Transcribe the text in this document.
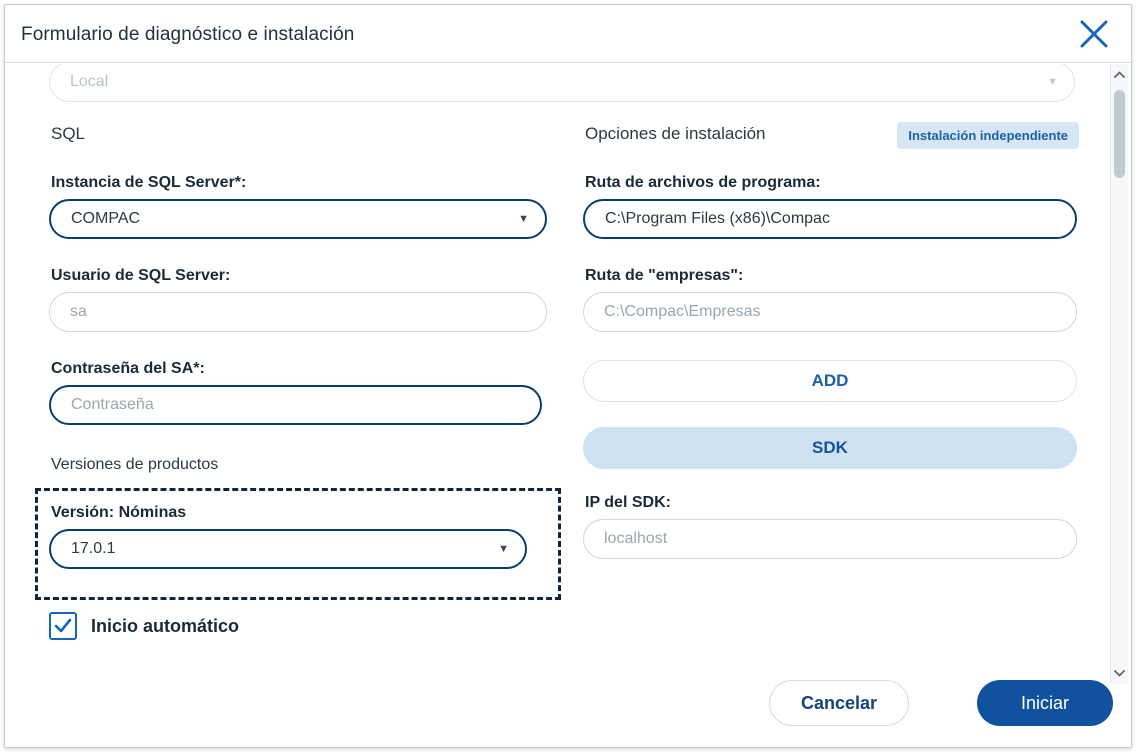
Formulario de diagnóstico e instalación
Local	▼
SQL
Instancia de SQL Server*:
COMPAC	▼
Usuario de SQL Server:
sa
Contraseña del SA*:
Contraseña
Versiones de productos
Versión: Nóminas
17.0.1	▼
Inicio automático
Opciones de instalación	Instalación independiente
Ruta de archivos de programa:
C:\Program Files (x86)\Compac
Ruta de "empresas":
C:\Compac\Empresas
ADD
SDK
IP del SDK:
localhost
Cancelar	Iniciar
